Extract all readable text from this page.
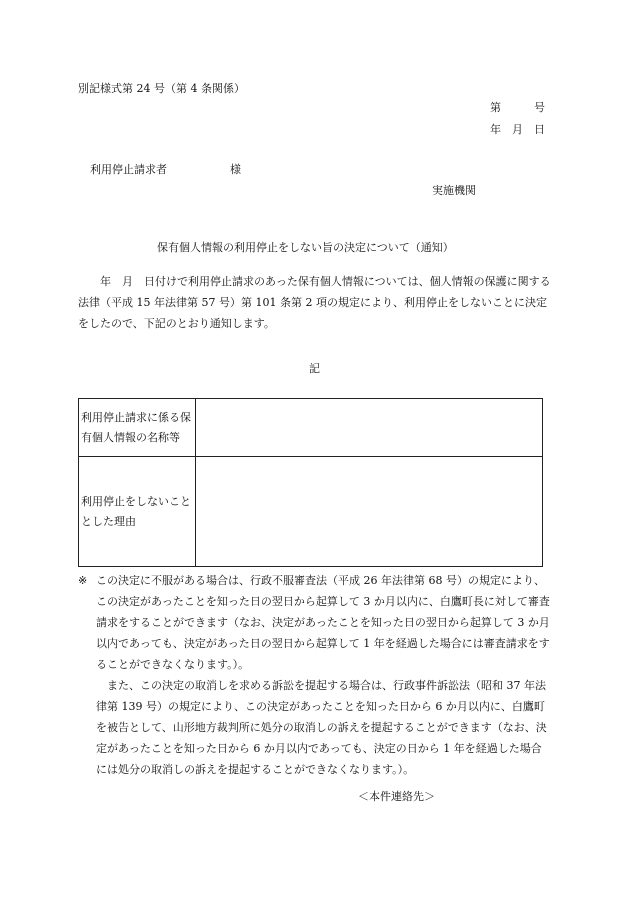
別記様式第 24 号（第 4 条関係）
第　　　号
年　月　日
利用停止請求者	様
実施機関
保有個人情報の利用停止をしない旨の決定について（通知）
　　年　月　日付けで利用停止請求のあった保有個人情報については、個人情報の保護に関する法律（平成 15 年法律第 57 号）第 101 条第 2 項の規定により、利用停止をしないことに決定をしたので、下記のとおり通知します。
記
利用停止請求に係る保有個人情報の名称等	
利用停止をしないこととした理由	
※ この決定に不服がある場合は、行政不服審査法（平成 26 年法律第 68 号）の規定により、この決定があったことを知った日の翌日から起算して 3 か月以内に、白鷹町長に対して審査請求をすることができます（なお、決定があったことを知った日の翌日から起算して 3 か月以内であっても、決定があった日の翌日から起算して 1 年を経過した場合には審査請求をすることができなくなります。）。
また、この決定の取消しを求める訴訟を提起する場合は、行政事件訴訟法（昭和 37 年法律第 139 号）の規定により、この決定があったことを知った日から 6 か月以内に、白鷹町を被告として、山形地方裁判所に処分の取消しの訴えを提起することができます（なお、決定があったことを知った日から 6 か月以内であっても、決定の日から 1 年を経過した場合には処分の取消しの訴えを提起することができなくなります。）。
＜本件連絡先＞
